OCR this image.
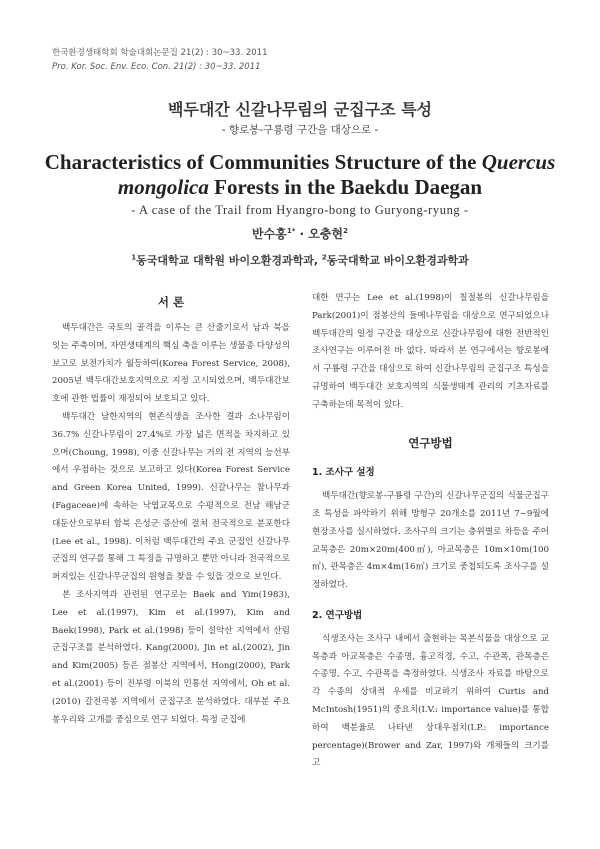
한국환경생태학회 학술대회논문집 21(2) : 30~33. 2011
Pro. Kor. Soc. Env. Eco. Con. 21(2) : 30~33. 2011
백두대간 신갈나무림의 군집구조 특성
- 향로봉-구룡령 구간을 대상으로 -
Characteristics of Communities Structure of the Quercus mongolica Forests in the Baekdu Daegan
- A case of the Trail from Hyangro-bong to Guryong-ryung -
반수홍$^{1*}$ · 오충현$^2$
$^1$동국대학교 대학원 바이오환경과학과, $^2$동국대학교 바이오환경과학과
서 론

백두대간은 국토의 골격을 이루는 큰 산줄기로서 남과 북을 잇는 주축이며, 자연생태계의 핵심 축을 이루는 생물종 다양성의 보고로 보전가치가 월등하여(Korea Forest Service, 2008), 2005년 백두대간보호지역으로 지정 고시되었으며, 백두대간보호에 관한 법률이 재정되어 보호되고 있다.

백두대간 남한지역의 현존식생을 조사한 결과 소나무림이 36.7% 신갈나무림이 27.4%로 가장 넓은 면적을 차지하고 있으며(Choung, 1998), 이중 신갈나무는 거의 전 지역의 능선부에서 우점하는 것으로 보고하고 있다(Korea Forest Service and Green Korea United, 1999). 신갈나무는 참나무과(Fagaceae)에 속하는 낙엽교목으로 수평적으로 전남 해남군 대둔산으로부터 함북 은성군 증산에 걸쳐 전국적으로 분포한다(Lee et al., 1998). 이처럼 백두대간의 주요 군집인 신갈나무군집의 연구를 통해 그 특징을 규명하고 뿐만 아니라 전국적으로 퍼져있는 신갈나무군집의 원형을 찾을 수 있을 것으로 보인다.

본 조사지역과 관련된 연구로는 Baek and Yim(1983), Lee et al.(1997), Kim et al.(1997), Kim and Baek(1998), Park et al.(1998) 등이 설악산 지역에서 산림군집구조를 분석하였다. Kang(2000), Jin et al.(2002), Jin and Kim(2005) 등은 점봉산 지역에서, Hong(2000), Park et al.(2001) 등이 진부령 이북의 민통선 지역에서, Oh et al.(2010) 갈전곡봉 지역에서 군집구조 분석하였다. 대부분 주요 봉우리와 고개를 중심으로 연구 되었다. 특정 군집에

대한 연구는 Lee et al.(1998)이 칠절봉의 신갈나무림을 Park(2001)이 점봉산의 들메나무림을 대상으로 연구되었으나 백두대간의 일정 구간을 대상으로 신갈나무림에 대한 전반적인 조사연구는 이루어진 바 없다. 따라서 본 연구에서는 향로봉에서 구룡령 구간을 대상으로 하여 신갈나무림의 군집구조 특성을 규명하여 백두대간 보호지역의 식물생태계 관리의 기초자료를 구축하는데 목적이 있다.

연구방법
1. 조사구 설정

백두대간(향로봉-구룡령 구간)의 신갈나무군집의 식물군집구조 특성을 파악하기 위해 방형구 20개소를 2011년 7~9월에 현장조사를 실시하였다. 조사구의 크기는 층위별로 차등을 주어 교목층은 20m×20m(400㎡), 아교목층은 10m×10m(100㎡), 관목층은 4m×4m(16㎡) 크기로 중첩되도록 조사구를 설정하였다.

2. 연구방법

식생조사는 조사구 내에서 출현하는 목본식물을 대상으로 교목층과 아교목층은 수종명, 흉고직경, 수고, 수관폭, 관목층은 수종명, 수고, 수관폭을 측정하였다. 식생조사 자료를 바탕으로 각 수종의 상대적 우세를 비교하기 위하여 Curtis and McIntosh(1951)의 중요치(I.V.: importance value)를 통합하여 백분율로 나타낸 상대우점치(I.P.: importance percentage)(Brower and Zar, 1997)와 개체들의 크기를 고
